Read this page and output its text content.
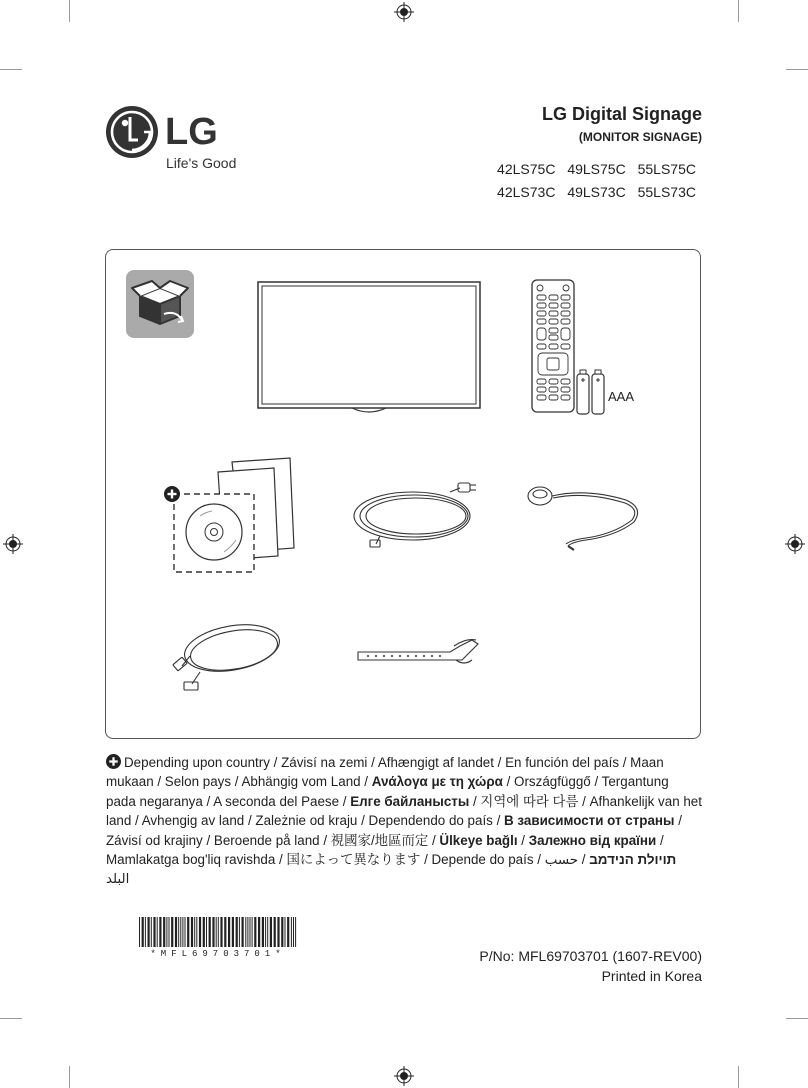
LG
Life's Good
LG Digital Signage
(MONITOR SIGNAGE)
42LS75C 49LS75C 55LS75C
42LS73C 49LS73C 55LS73C
AAA
Depending upon country / Závisí na zemi / Afhængigt af landet / En función del país / Maan mukaan / Selon pays / Abhängig vom Land / Ανάλογα με τη χώρα / Országfüggő / Tergantung pada negaranya / A seconda del Paese / Елге байланысты / 지역에 따라 다름 / Afhankelijk van het land / Avhengig av land / Zależnie od kraju / Dependendo do país / В зависимости от страны / Závisí od krajiny / Beroende på land / 視國家/地區而定 / Ülkeye bağlı / Залежно від країни / Mamlakatga bog'liq ravishda / 国によって異なります / Depende do país /	תויולת הנידמב / حسب البلد
*MFL69703701*	P/No: MFL69703701 (1607-REV00)
Printed in Korea
